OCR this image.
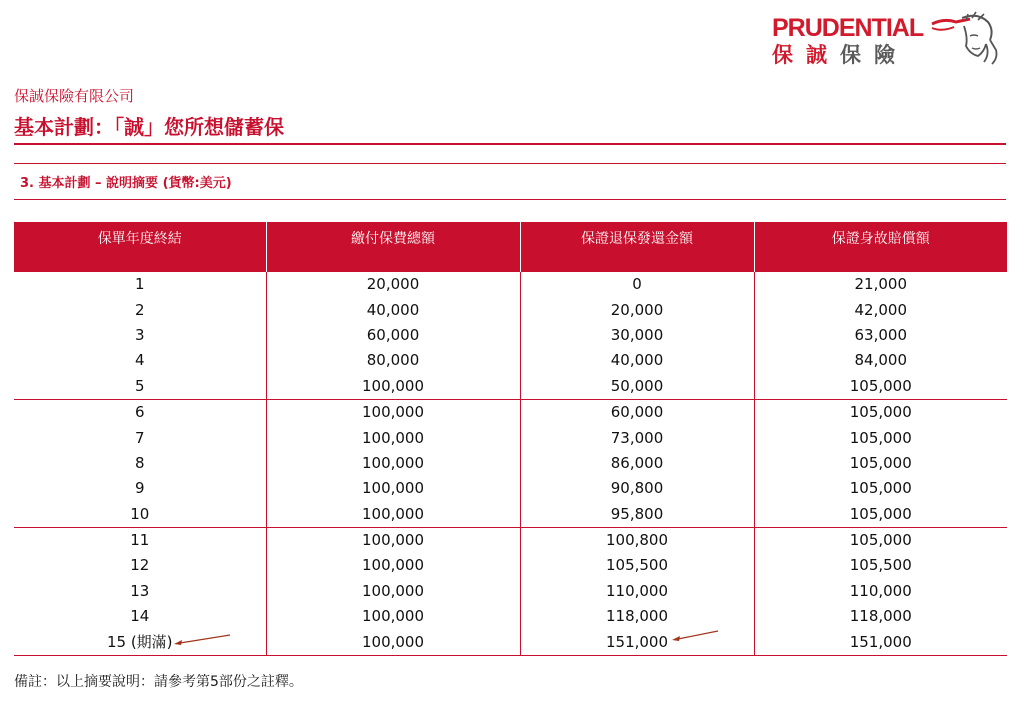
PRUDENTIAL
保誠保險
保誠保險有限公司
基本計劃：「誠」您所想儲蓄保
3. 基本計劃 – 說明摘要 (貨幣:美元)
保單年度終結	繳付保費總額	保證退保發還金額	保證身故賠償額
1	20,000	0	21,000
2	40,000	20,000	42,000
3	60,000	30,000	63,000
4	80,000	40,000	84,000
5	100,000	50,000	105,000
6	100,000	60,000	105,000
7	100,000	73,000	105,000
8	100,000	86,000	105,000
9	100,000	90,800	105,000
10	100,000	95,800	105,000
11	100,000	100,800	105,000
12	100,000	105,500	105,500
13	100,000	110,000	110,000
14	100,000	118,000	118,000
15 (期滿)	100,000	151,000	151,000
備註：以上摘要說明：請參考第5部份之註釋。
